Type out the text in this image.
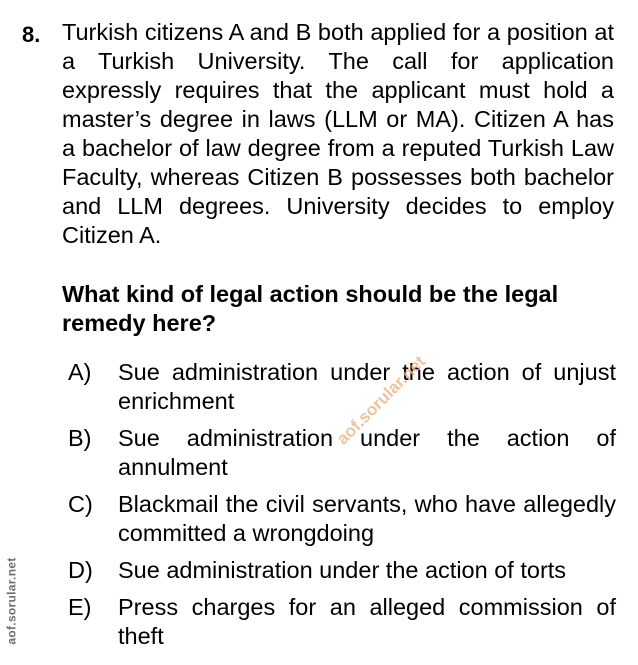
8. Turkish citizens A and B both applied for a position at a Turkish University. The call for application expressly requires that the applicant must hold a master’s degree in laws (LLM or MA). Citizen A has a bachelor of law degree from a reputed Turkish Law Faculty, whereas Citizen B possesses both bachelor and LLM degrees. University decides to employ Citizen A.

What kind of legal action should be the legal remedy here?

A)	Sue administration under the action of unjust enrichment
B)	Sue administration under the action of annulment
C)	Blackmail the civil servants, who have allegedly committed a wrongdoing
D)	Sue administration under the action of torts
E)	Press charges for an alleged commission of theft
aof.sorular.net
aof.sorular.net
